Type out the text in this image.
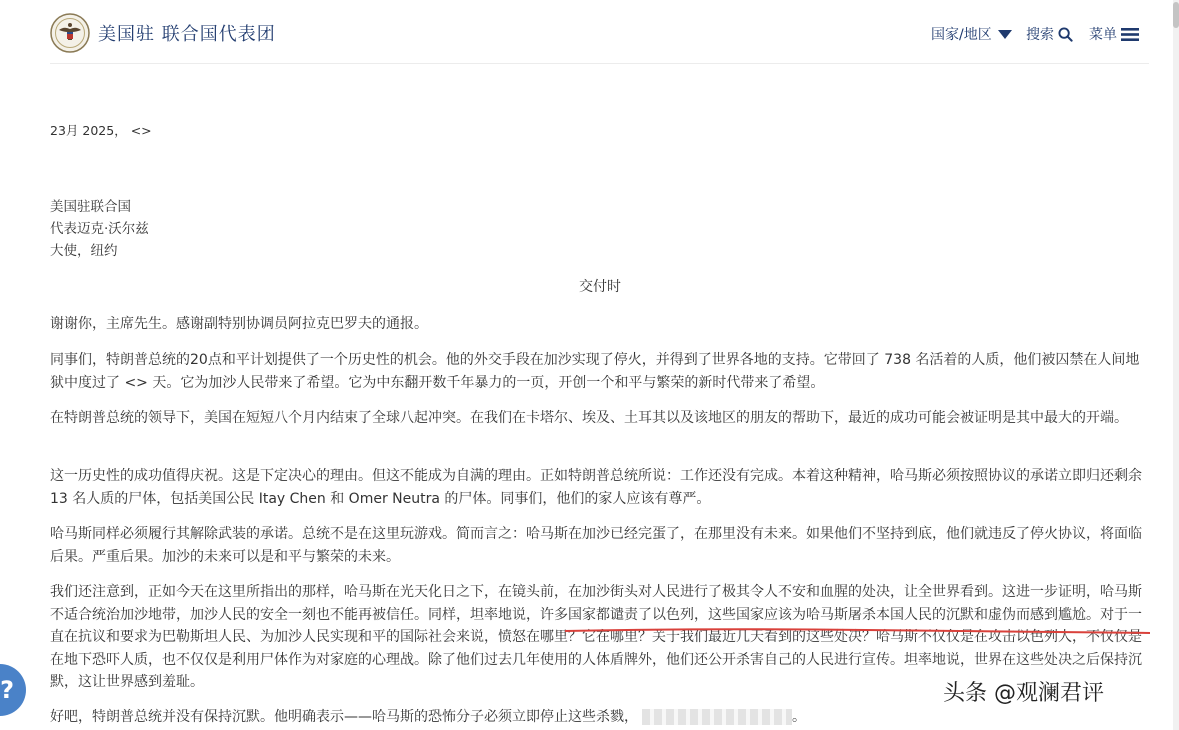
美国驻 联合国代表团	国家/地区 搜索	菜单
23月 2025， <>
美国驻联合国
代表迈克·沃尔兹
大使，纽约
交付时

谢谢你，主席先生。感谢副特别协调员阿拉克巴罗夫的通报。

同事们，特朗普总统的20点和平计划提供了一个历史性的机会。他的外交手段在加沙实现了停火，并得到了世界各地的支持。它带回了 738 名活着的人质，他们被囚禁在人间地狱中度过了 <> 天。它为加沙人民带来了希望。它为中东翻开数千年暴力的一页，开创一个和平与繁荣的新时代带来了希望。

在特朗普总统的领导下，美国在短短八个月内结束了全球八起冲突。在我们在卡塔尔、埃及、土耳其以及该地区的朋友的帮助下，最近的成功可能会被证明是其中最大的开端。

这一历史性的成功值得庆祝。这是下定决心的理由。但这不能成为自满的理由。正如特朗普总统所说：工作还没有完成。本着这种精神，哈马斯必须按照协议的承诺立即归还剩余 13 名人质的尸体，包括美国公民 Itay Chen 和 Omer Neutra 的尸体。同事们，他们的家人应该有尊严。

哈马斯同样必须履行其解除武装的承诺。总统不是在这里玩游戏。简而言之：哈马斯在加沙已经完蛋了，在那里没有未来。如果他们不坚持到底，他们就违反了停火协议，将面临后果。严重后果。加沙的未来可以是和平与繁荣的未来。

我们还注意到，正如今天在这里所指出的那样，哈马斯在光天化日之下，在镜头前，在加沙街头对人民进行了极其令人不安和血腥的处决，让全世界看到。这进一步证明，哈马斯不适合统治加沙地带，加沙人民的安全一刻也不能再被信任。同样，坦率地说，许多国家都谴责了以色列，这些国家应该为哈马斯屠杀本国人民的沉默和虚伪而感到尴尬。对于一直在抗议和要求为巴勒斯坦人民、为加沙人民实现和平的国际社会来说，愤怒在哪里？它在哪里？关于我们最近几天看到的这些处决？哈马斯不仅仅是在攻击以色列人，不仅仅是在地下恐吓人质，也不仅仅是利用尸体作为对家庭的心理战。除了他们过去几年使用的人体盾牌外，他们还公开杀害自己的人民进行宣传。坦率地说，世界在这些处决之后保持沉默，这让世界感到羞耻。

好吧，特朗普总统并没有保持沉默。他明确表示——哈马斯的恐怖分子必须立即停止这些杀戮，	。

?	头条 @观澜君评
